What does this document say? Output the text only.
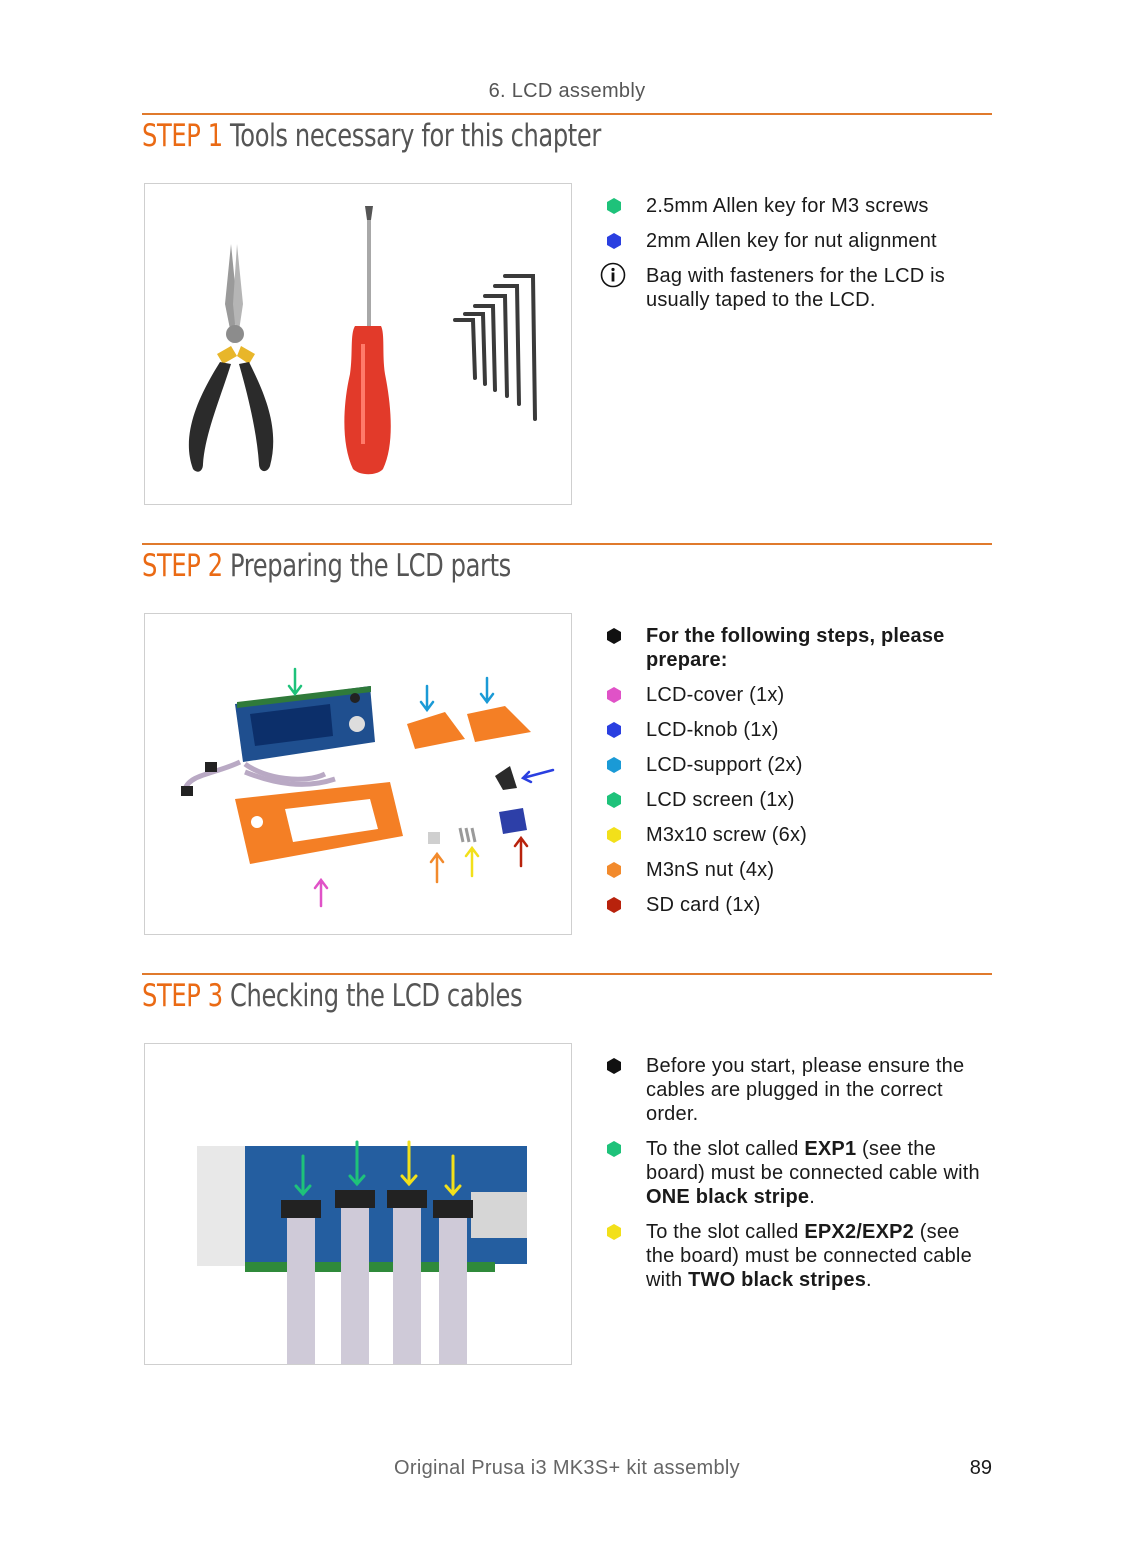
6. LCD assembly
STEP 1 Tools necessary for this chapter
2.5mm Allen key for M3 screws
2mm Allen key for nut alignment
Bag with fasteners for the LCD is usually taped to the LCD.
STEP 2 Preparing the LCD parts
For the following steps, please prepare:
LCD-cover (1x)
LCD-knob (1x)
LCD-support (2x)
LCD screen (1x)
M3x10 screw (6x)
M3nS nut (4x)
SD card (1x)
STEP 3 Checking the LCD cables
Before you start, please ensure the cables are plugged in the correct order.
To the slot called EXP1 (see the board) must be connected cable with ONE black stripe.
To the slot called EPX2/EXP2 (see the board) must be connected cable with TWO black stripes.
Original Prusa i3 MK3S+ kit assembly	89
